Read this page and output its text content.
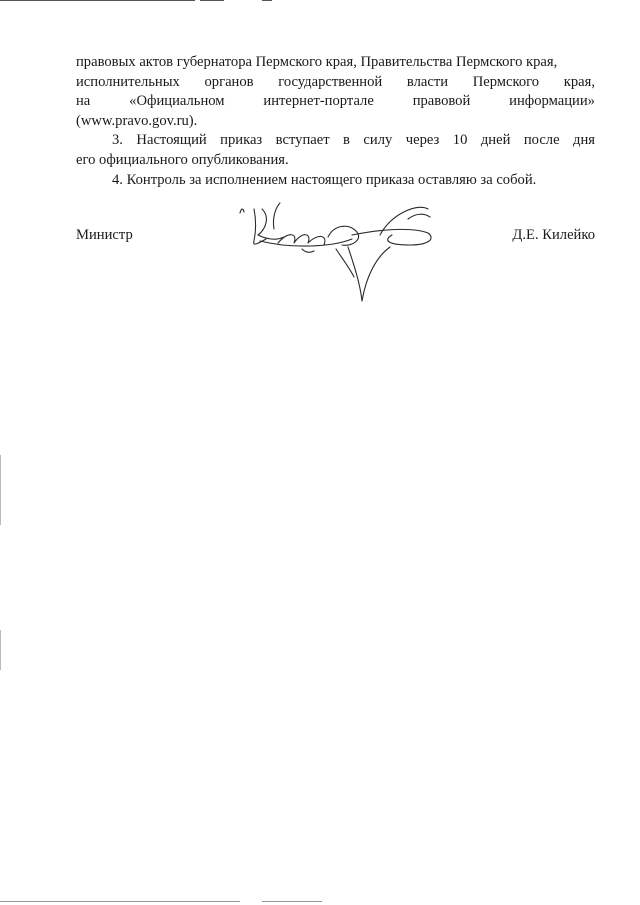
правовых актов губернатора Пермского края, Правительства Пермского края,
исполнительных органов государственной власти Пермского края,
на	«Официальном	интернет-портале	правовой	информации»
(www.pravo.gov.ru).
3. Настоящий приказ вступает в силу через 10 дней после дня
его официального опубликования.
4. Контроль за исполнением настоящего приказа оставляю за собой.
Министр	Д.Е. Килейко
